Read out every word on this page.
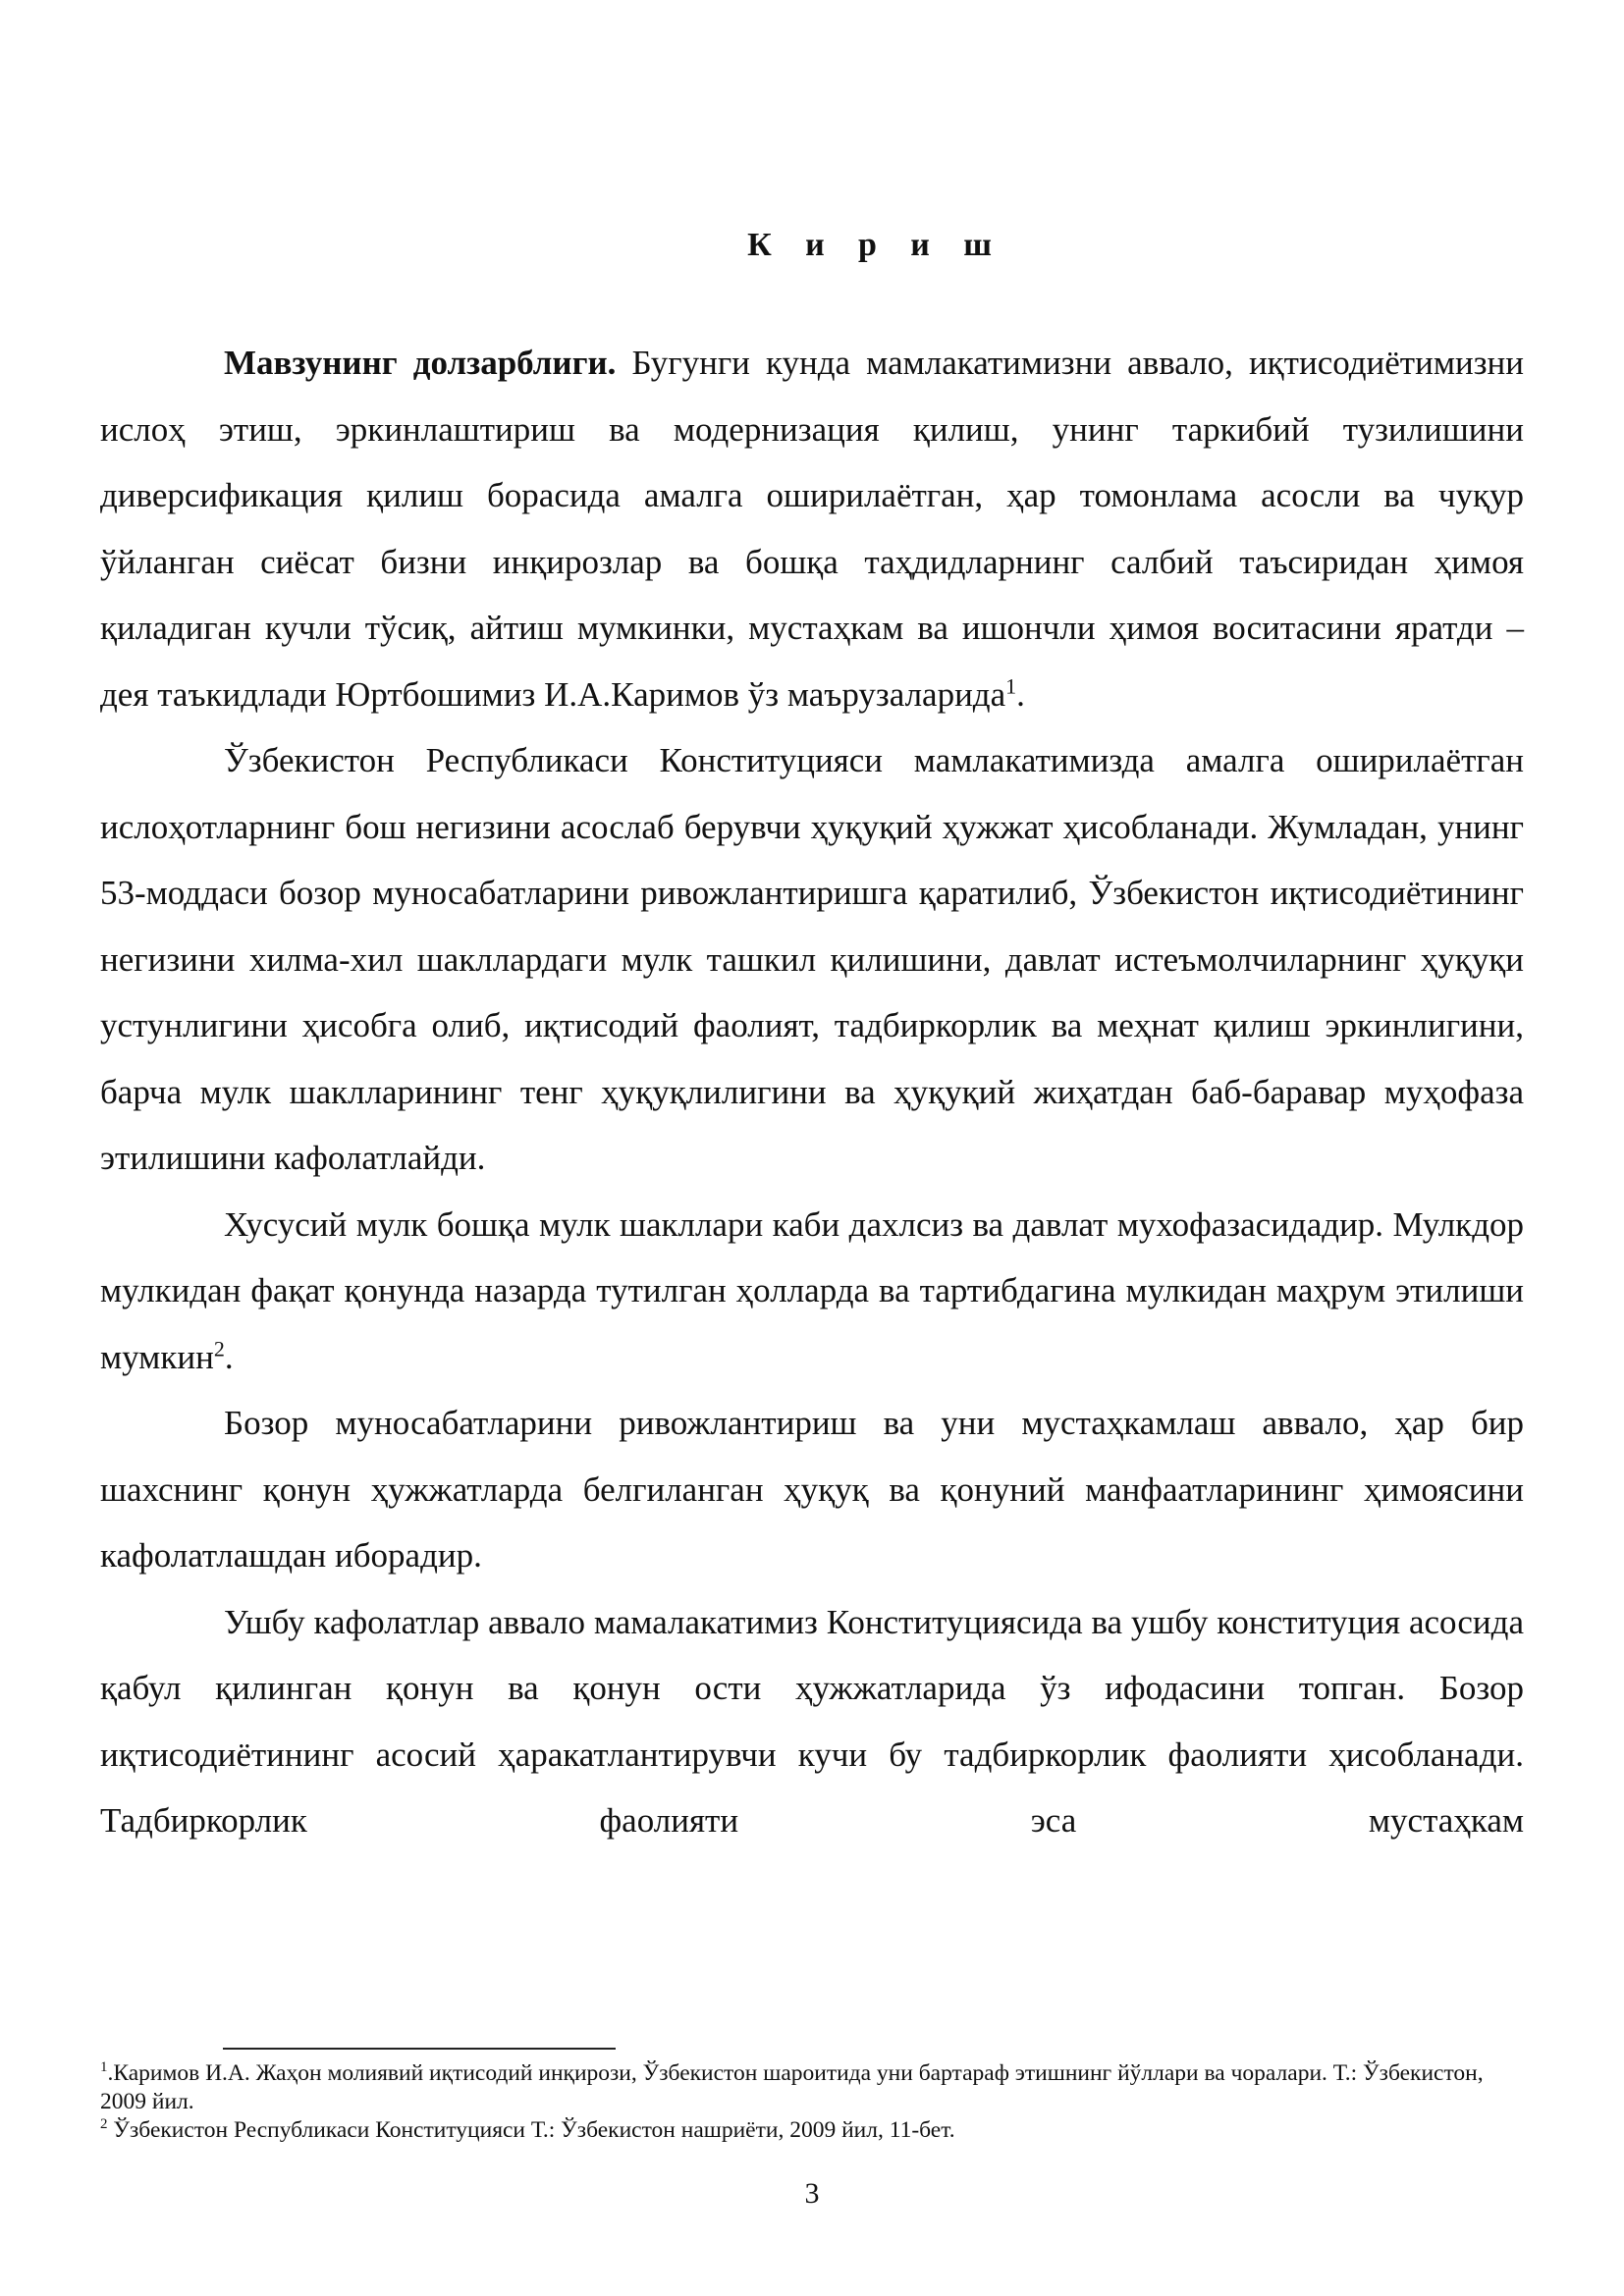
К и р и ш

Мавзунинг долзарблиги. Бугунги кунда мамлакатимизни аввало, иқтисодиётимизни ислоҳ этиш, эркинлаштириш ва модернизация қилиш, унинг таркибий тузилишини диверсификация қилиш борасида амалга оширилаётган, ҳар томонлама асосли ва чуқур ўйланган сиёсат бизни инқирозлар ва бошқа таҳдидларнинг салбий таъсиридан ҳимоя қиладиган кучли тўсиқ, айтиш мумкинки, мустаҳкам ва ишончли ҳимоя воситасини яратди – дея таъкидлади Юртбошимиз И.А.Каримов ўз маърузаларида$^1$.

Ўзбекистон Республикаси Конституцияси мамлакатимизда амалга оширилаётган ислоҳотларнинг бош негизини асослаб берувчи ҳуқуқий ҳужжат ҳисобланади. Жумладан, унинг 53-моддаси бозор муносабатларини ривожлантиришга қаратилиб, Ўзбекистон иқтисодиётининг негизини хилма-хил шакллардаги мулк ташкил қилишини, давлат истеъмолчиларнинг ҳуқуқи устунлигини ҳисобга олиб, иқтисодий фаолият, тадбиркорлик ва меҳнат қилиш эркинлигини, барча мулк шаклларининг тенг ҳуқуқлилигини ва ҳуқуқий жиҳатдан баб-баравар муҳофаза этилишини кафолатлайди.

Хусусий мулк бошқа мулк шакллари каби дахлсиз ва давлат мухофазасидадир. Мулкдор мулкидан фақат қонунда назарда тутилган ҳолларда ва тартибдагина мулкидан маҳрум этилиши мумкин$^2$.

Бозор муносабатларини ривожлантириш ва уни мустаҳкамлаш аввало, ҳар бир шахснинг қонун ҳужжатларда белгиланган ҳуқуқ ва қонуний манфаатларининг ҳимоясини кафолатлашдан иборадир.

Ушбу кафолатлар аввало мамалакатимиз Конституциясида ва ушбу конституция асосида қабул қилинган қонун ва қонун ости ҳужжатларида ўз ифодасини топган. Бозор иқтисодиётининг асосий ҳаракатлантирувчи кучи бу тадбиркорлик фаолияти ҳисобланади. Тадбиркорлик фаолияти эса мустаҳкам

$^1$.Каримов И.А. Жаҳон молиявий иқтисодий инқирози, Ўзбекистон шароитида уни бартараф этишнинг йўллари ва чоралари. Т.: Ўзбекистон, 2009 йил.

$^2$ Ўзбекистон Республикаси Конституцияси Т.: Ўзбекистон нашриёти, 2009 йил, 11-бет.

3
